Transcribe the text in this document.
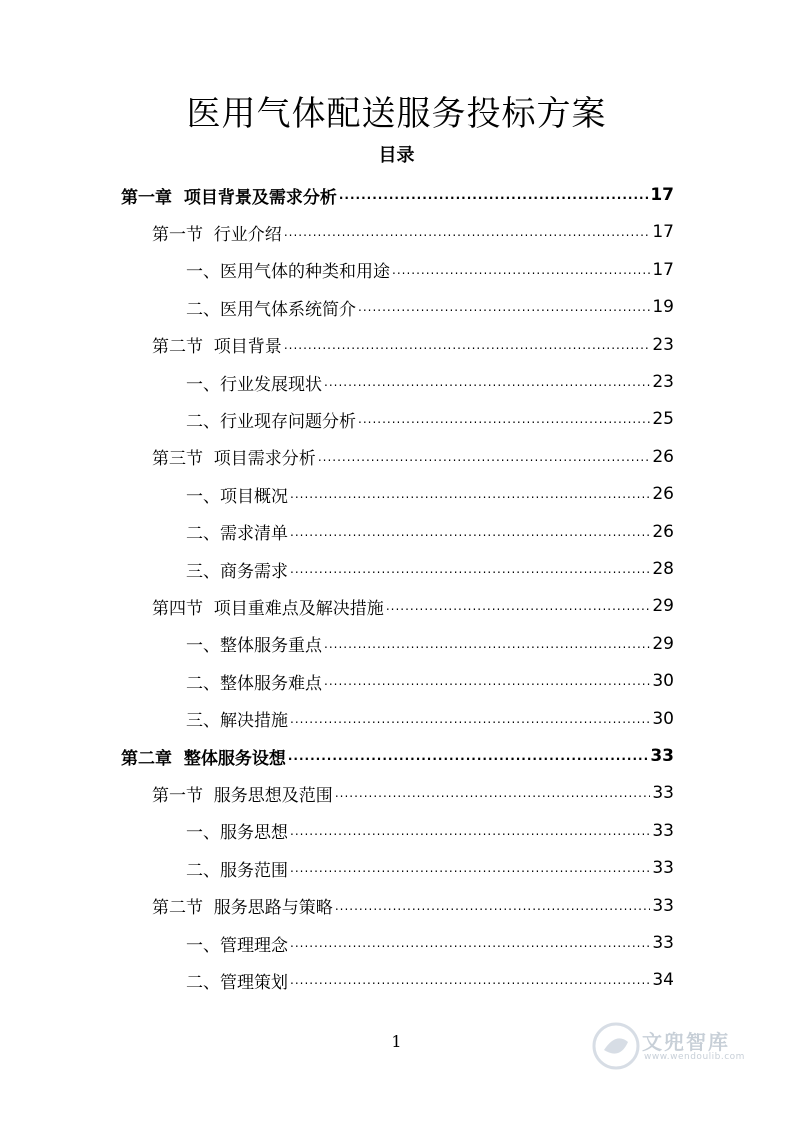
医用气体配送服务投标方案
目录
第一章  项目背景及需求分析 .....	17
第一节  行业介绍 .....	17
一、医用气体的种类和用途 .....	17
二、医用气体系统简介 .....	19
第二节  项目背景 .....	23
一、行业发展现状 .....	23
二、行业现存问题分析 .....	25
第三节  项目需求分析 .....	26
一、项目概况 .....	26
二、需求清单 .....	26
三、商务需求 .....	28
第四节  项目重难点及解决措施 .....	29
一、整体服务重点 .....	29
二、整体服务难点 .....	30
三、解决措施 .....	30
第二章  整体服务设想 .....	33
第一节  服务思想及范围 .....	33
一、服务思想 .....	33
二、服务范围 .....	33
第二节  服务思路与策略 .....	33
一、管理理念 .....	33
二、管理策划 .....	34
1	文兜智库
www.wendoulib.com
